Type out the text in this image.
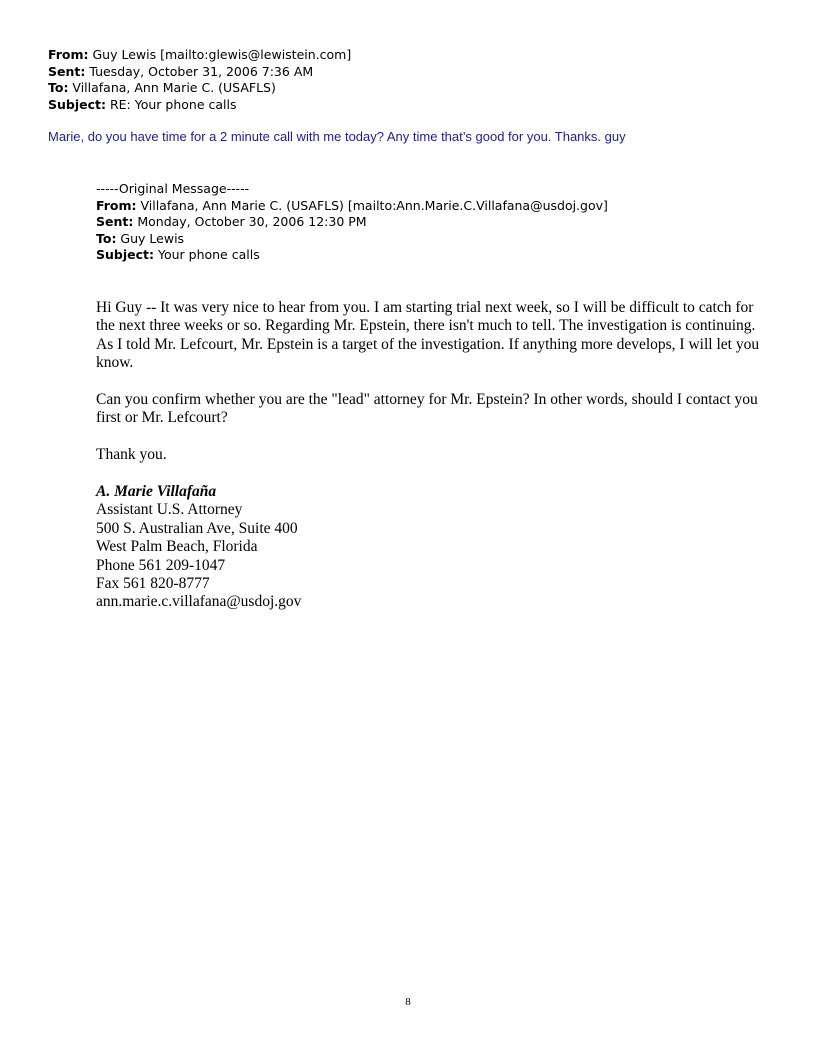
From: Guy Lewis [mailto:glewis@lewistein.com]
Sent: Tuesday, October 31, 2006 7:36 AM
To: Villafana, Ann Marie C. (USAFLS)
Subject: RE: Your phone calls
Marie, do you have time for a 2 minute call with me today? Any time that’s good for you. Thanks. guy
-----Original Message-----
From: Villafana, Ann Marie C. (USAFLS) [mailto:Ann.Marie.C.Villafana@usdoj.gov]
Sent: Monday, October 30, 2006 12:30 PM
To: Guy Lewis
Subject: Your phone calls

Hi Guy -- It was very nice to hear from you. I am starting trial next week, so I will be difficult to catch for the next three weeks or so. Regarding Mr. Epstein, there isn't much to tell. The investigation is continuing. As I told Mr. Lefcourt, Mr. Epstein is a target of the investigation. If anything more develops, I will let you know.

Can you confirm whether you are the "lead" attorney for Mr. Epstein? In other words, should I contact you first or Mr. Lefcourt?

Thank you.

A. Marie Villafaña
Assistant U.S. Attorney
500 S. Australian Ave, Suite 400
West Palm Beach, Florida
Phone 561 209-1047
Fax 561 820-8777
ann.marie.c.villafana@usdoj.gov
8
